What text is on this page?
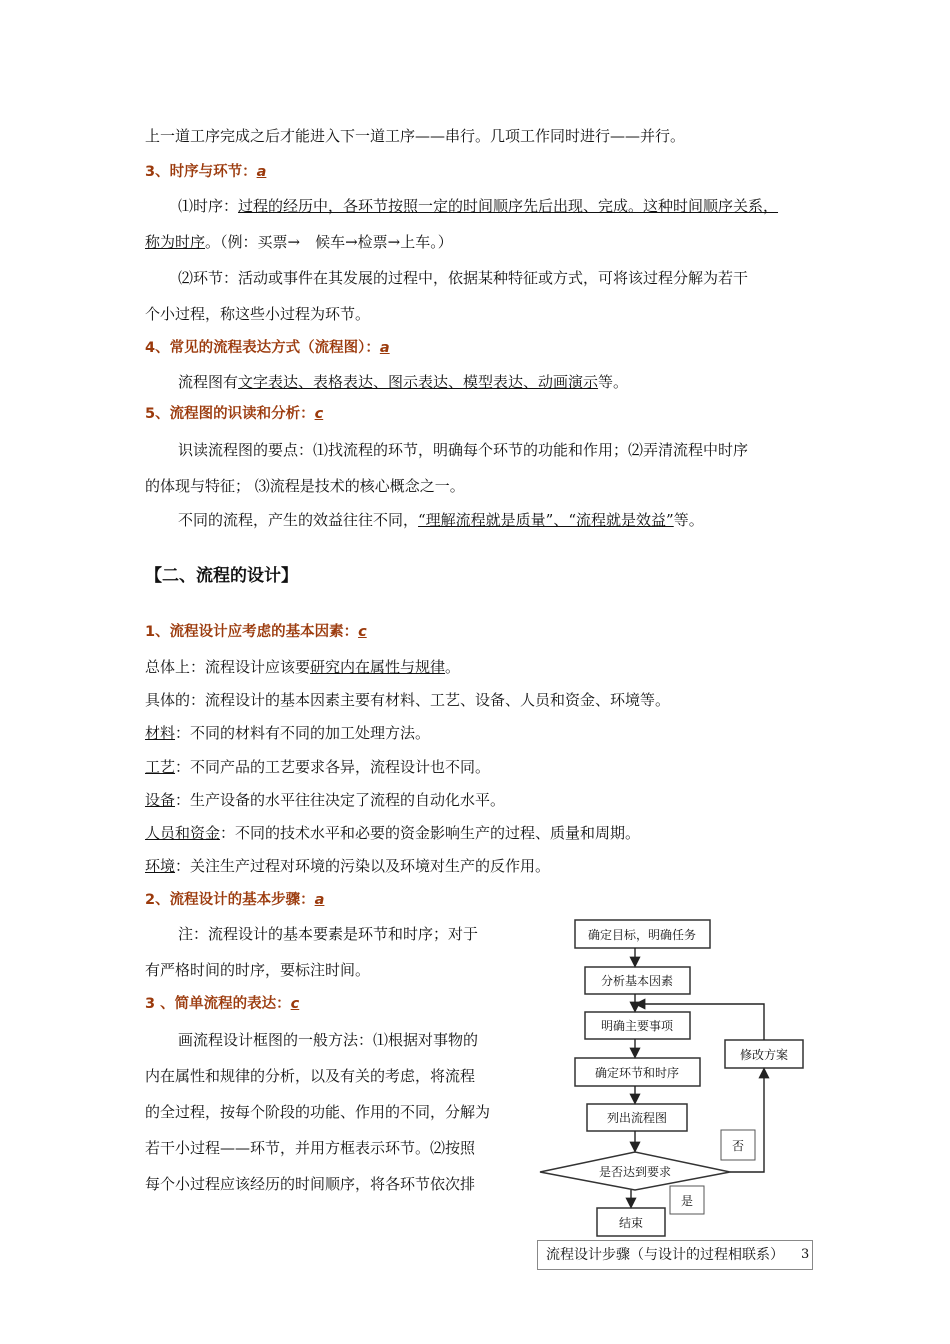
上一道工序完成之后才能进入下一道工序——串行。几项工作同时进行——并行。
3、时序与环节：a
⑴时序：过程的经历中，各环节按照一定的时间顺序先后出现、完成。这种时间顺序关系，
称为时序。（例：买票→　候车→检票→上车。）
⑵环节：活动或事件在其发展的过程中，依据某种特征或方式，可将该过程分解为若干
个小过程，称这些小过程为环节。
4、常见的流程表达方式（流程图）：a
流程图有文字表达、表格表达、图示表达、模型表达、动画演示等。
5、流程图的识读和分析：c
识读流程图的要点：⑴找流程的环节，明确每个环节的功能和作用；⑵弄清流程中时序
的体现与特征； ⑶流程是技术的核心概念之一。
不同的流程，产生的效益往往不同，“理解流程就是质量”、“流程就是效益”等。
【二、流程的设计】
1、流程设计应考虑的基本因素：c
总体上：流程设计应该要研究内在属性与规律。
具体的：流程设计的基本因素主要有材料、工艺、设备、人员和资金、环境等。
材料：不同的材料有不同的加工处理方法。
工艺：不同产品的工艺要求各异，流程设计也不同。
设备：生产设备的水平往往决定了流程的自动化水平。
人员和资金：不同的技术水平和必要的资金影响生产的过程、质量和周期。
环境：关注生产过程对环境的污染以及环境对生产的反作用。
2、流程设计的基本步骤：a
注：流程设计的基本要素是环节和时序；对于
有严格时间的时序，要标注时间。
3 、简单流程的表达：c
画流程设计框图的一般方法：⑴根据对事物的
内在属性和规律的分析，以及有关的考虑，将流程
的全过程，按每个阶段的功能、作用的不同，分解为
若干小过程——环节，并用方框表示环节。⑵按照
每个小过程应该经历的时间顺序，将各环节依次排
确定目标，明确任务
分析基本因素
明确主要事项
确定环节和时序
列出流程图
是否达到要求
结束
修改方案
否
是
流程设计步骤（与设计的过程相联系）	3
